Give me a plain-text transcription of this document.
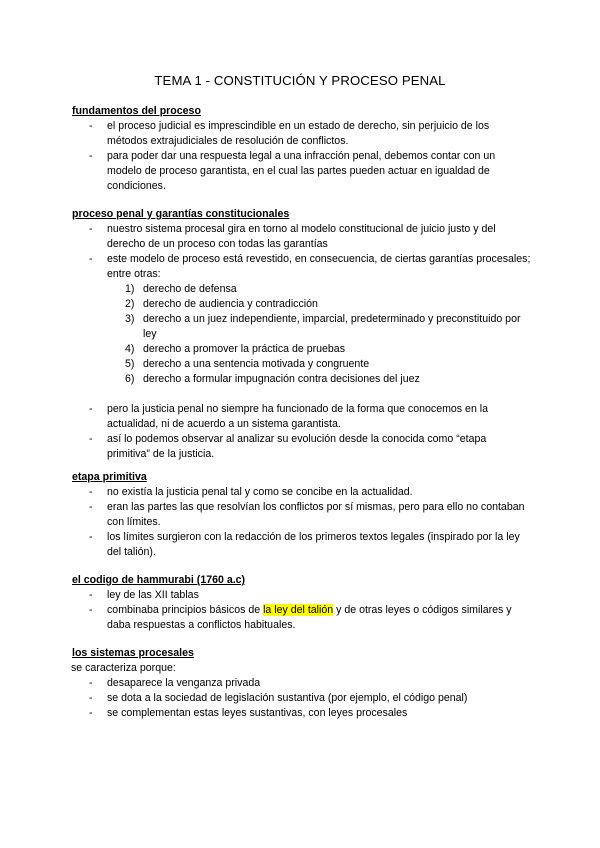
TEMA 1 - CONSTITUCIÓN Y PROCESO PENAL
fundamentos del proceso
- el proceso judicial es imprescindible en un estado de derecho, sin perjuicio de los métodos extrajudiciales de resolución de conflictos.
- para poder dar una respuesta legal a una infracción penal, debemos contar con un modelo de proceso garantista, en el cual las partes pueden actuar en igualdad de condiciones.
proceso penal y garantías constitucionales
- nuestro sistema procesal gira en torno al modelo constitucional de juicio justo y del derecho de un proceso con todas las garantías
- este modelo de proceso está revestido, en consecuencia, de ciertas garantías procesales; entre otras:
1) derecho de defensa
2) derecho de audiencia y contradicción
3) derecho a un juez independiente, imparcial, predeterminado y preconstituido por ley
4) derecho a promover la práctica de pruebas
5) derecho a una sentencia motivada y congruente
6) derecho a formular impugnación contra decisiones del juez
- pero la justicia penal no siempre ha funcionado de la forma que conocemos en la actualidad, ni de acuerdo a un sistema garantista.
- así lo podemos observar al analizar su evolución desde la conocida como “etapa primitiva” de la justicia.
etapa primitiva
- no existía la justicia penal tal y como se concibe en la actualidad.
- eran las partes las que resolvían los conflictos por sí mismas, pero para ello no contaban con límites.
- los límites surgieron con la redacción de los primeros textos legales (inspirado por la ley del talión).
el codigo de hammurabi (1760 a.c)
- ley de las XII tablas
- combinaba principios básicos de la ley del talión y de otras leyes o códigos similares y daba respuestas a conflictos habituales.
los sistemas procesales
se caracteriza porque:
- desaparece la venganza privada
- se dota a la sociedad de legislación sustantiva (por ejemplo, el código penal)
- se complementan estas leyes sustantivas, con leyes procesales
